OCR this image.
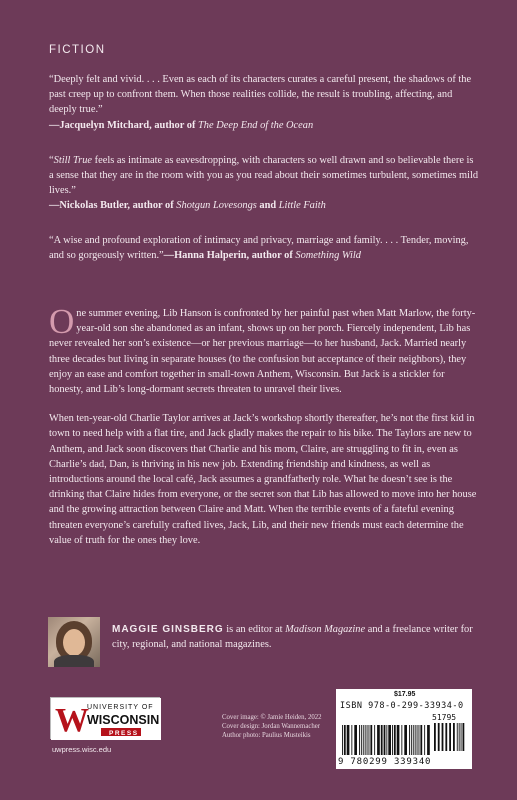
FICTION
“Deeply felt and vivid. . . . Even as each of its characters curates a careful present, the shadows of the past creep up to confront them. When those realities collide, the result is troubling, affecting, and deeply true.”
—Jacquelyn Mitchard, author of The Deep End of the Ocean
“Still True feels as intimate as eavesdropping, with characters so well drawn and so believable there is a sense that they are in the room with you as you read about their sometimes turbulent, sometimes mild lives.”
—Nickolas Butler, author of Shotgun Lovesongs and Little Faith
“A wise and profound exploration of intimacy and privacy, marriage and family. . . . Tender, moving, and so gorgeously written.”—Hanna Halperin, author of Something Wild

One summer evening, Lib Hanson is confronted by her painful past when Matt Marlow, the forty-year-old son she abandoned as an infant, shows up on her porch. Fiercely independent, Lib has never revealed her son’s existence—or her previous marriage—to her husband, Jack. Married nearly three decades but living in separate houses (to the confusion but acceptance of their neighbors), they enjoy an ease and comfort together in small-town Anthem, Wisconsin. But Jack is a stickler for honesty, and Lib’s long-dormant secrets threaten to unravel their lives.

When ten-year-old Charlie Taylor arrives at Jack’s workshop shortly thereafter, he’s not the first kid in town to need help with a flat tire, and Jack gladly makes the repair to his bike. The Taylors are new to Anthem, and Jack soon discovers that Charlie and his mom, Claire, are struggling to fit in, even as Charlie’s dad, Dan, is thriving in his new job. Extending friendship and kindness, as well as introductions around the local café, Jack assumes a grandfatherly role. What he doesn’t see is the drinking that Claire hides from everyone, or the secret son that Lib has allowed to move into her house and the growing attraction between Claire and Matt. When the terrible events of a fateful evening threaten everyone’s carefully crafted lives, Jack, Lib, and their new friends must each determine the value of truth for the ones they love.

MAGGIE GINSBERG is an editor at Madison Magazine and a freelance writer for city, regional, and national magazines.
W
UNIVERSITY OF
WISCONSIN
PRESS
uwpress.wisc.edu
Cover image: © Jamie Heiden, 2022
Cover design: Jordan Wannemacher
Author photo: Paulius Musteikis
$17.95
ISBN 978-0-299-33934-0
51795
9 780299 339340
